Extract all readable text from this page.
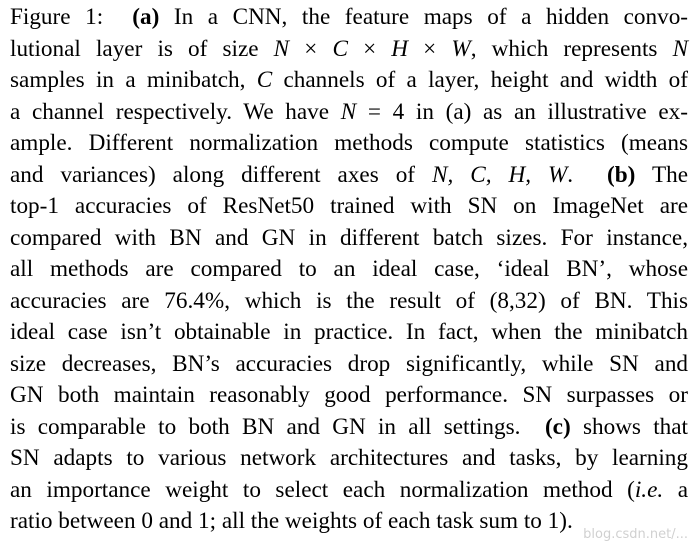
Figure 1:  (a) In a CNN, the feature maps of a hidden convo-
lutional layer is of size N × C × H × W, which represents N
samples in a minibatch, C channels of a layer, height and width of
a channel respectively. We have N = 4 in (a) as an illustrative ex-
ample. Different normalization methods compute statistics (means
and variances) along different axes of N, C, H, W.  (b) The
top-1 accuracies of ResNet50 trained with SN on ImageNet are
compared with BN and GN in different batch sizes. For instance,
all methods are compared to an ideal case, ‘ideal BN’, whose
accuracies are 76.4%, which is the result of (8,32) of BN. This
ideal case isn’t obtainable in practice. In fact, when the minibatch
size decreases, BN’s accuracies drop significantly, while SN and
GN both maintain reasonably good performance. SN surpasses or
is comparable to both BN and GN in all settings.  (c) shows that
SN adapts to various network architectures and tasks, by learning
an importance weight to select each normalization method (i.e. a
ratio between 0 and 1; all the weights of each task sum to 1).
blog.csdn.net/...
